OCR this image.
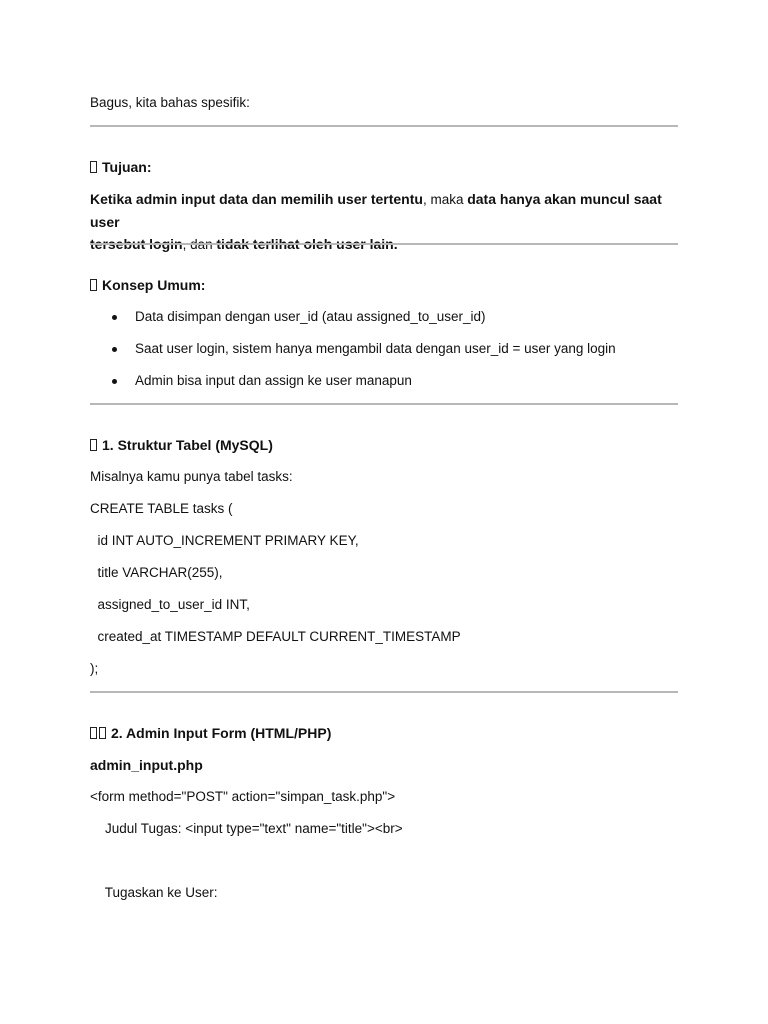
Bagus, kita bahas spesifik:
Tujuan:
Ketika admin input data dan memilih user tertentu, maka data hanya akan muncul saat user
tersebut login, dan tidak terlihat oleh user lain.
Konsep Umum:
Data disimpan dengan user_id (atau assigned_to_user_id)
Saat user login, sistem hanya mengambil data dengan user_id = user yang login
Admin bisa input dan assign ke user manapun
1. Struktur Tabel (MySQL)
Misalnya kamu punya tabel tasks:
CREATE TABLE tasks (
id INT AUTO_INCREMENT PRIMARY KEY,
title VARCHAR(255),
assigned_to_user_id INT,
created_at TIMESTAMP DEFAULT CURRENT_TIMESTAMP
);
2. Admin Input Form (HTML/PHP)
admin_input.php
<form method="POST" action="simpan_task.php">
Judul Tugas: <input type="text" name="title"><br>
Tugaskan ke User:
